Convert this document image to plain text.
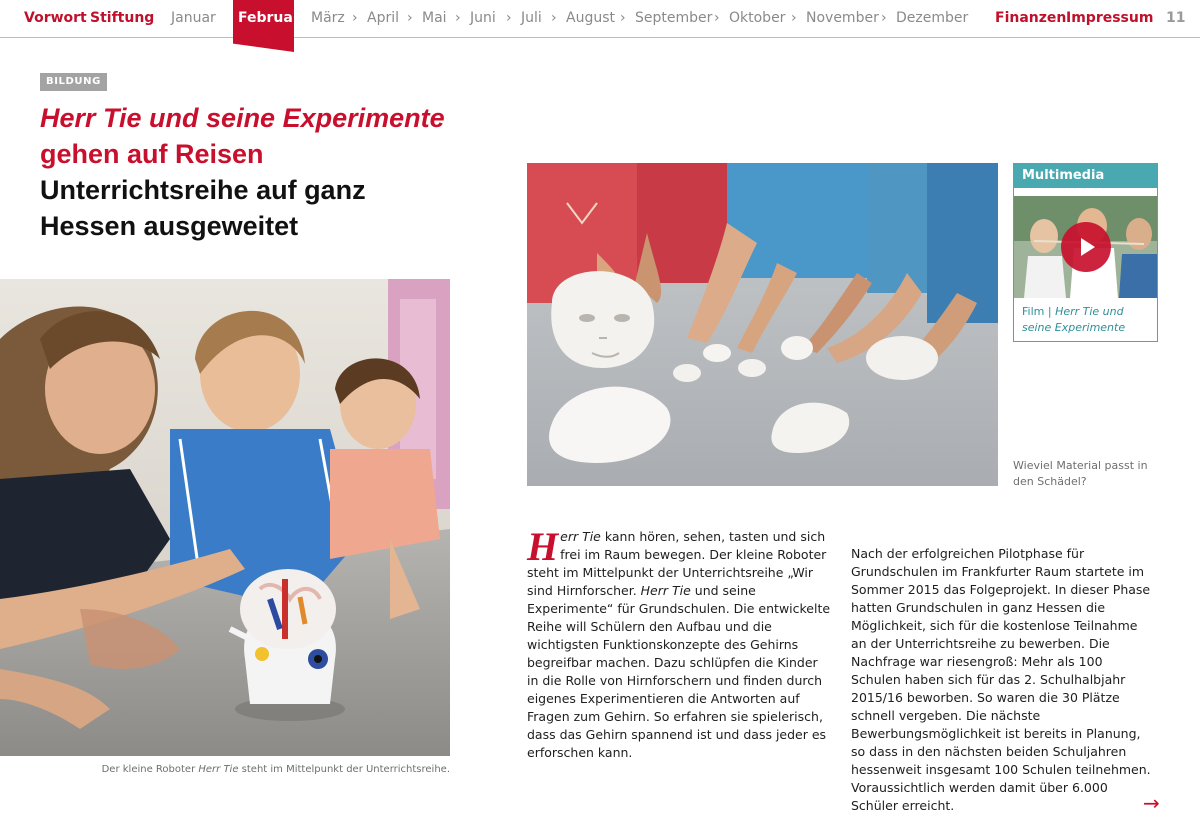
Vorwort Stiftung Januar Februar März › April › Mai › Juni › Juli › August › September › Oktober › November › Dezember Finanzen Impressum 11
BILDUNG
Herr Tie und seine Experimente
gehen auf Reisen
Unterrichtsreihe auf ganz
Hessen ausgeweitet
Der kleine Roboter Herr Tie steht im Mittelpunkt der Unterrichtsreihe.
Wieviel Material passt in den Schädel?
Multimedia
Film | Herr Tie und seine Experimente

Herr Tie kann hören, sehen, tasten und sich frei im Raum bewegen. Der kleine Roboter steht im Mittelpunkt der Unterrichtsreihe „Wir sind Hirnforscher. Herr Tie und seine Experimente“ für Grundschulen. Die entwickelte Reihe will Schülern den Aufbau und die wichtigsten Funktionskonzepte des Gehirns begreifbar machen. Dazu schlüpfen die Kinder in die Rolle von Hirnforschern und finden durch eigenes Experimentieren die Antworten auf Fragen zum Gehirn. So erfahren sie spielerisch, dass das Gehirn spannend ist und dass jeder es erforschen kann.

Nach der erfolgreichen Pilotphase für Grundschulen im Frankfurter Raum startete im Sommer 2015 das Folgeprojekt. In dieser Phase hatten Grundschulen in ganz Hessen die Möglichkeit, sich für die kostenlose Teilnahme an der Unterrichtsreihe zu bewerben. Die Nachfrage war riesengroß: Mehr als 100 Schulen haben sich für das 2. Schulhalbjahr 2015/16 beworben. So waren die 30 Plätze schnell vergeben. Die nächste Bewerbungsmöglichkeit ist bereits in Planung, so dass in den nächsten beiden Schuljahren hessenweit insgesamt 100 Schulen teilnehmen. Voraussichtlich werden damit über 6.000 Schüler erreicht.	→
